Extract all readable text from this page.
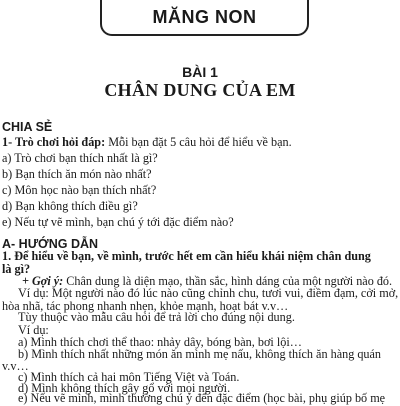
MĂNG NON
BÀI 1
CHÂN DUNG CỦA EM
CHIA SẺ
1- Trò chơi hỏi đáp: Mỗi bạn đặt 5 câu hỏi để hiểu về bạn.
a) Trò chơi bạn thích nhất là gì?
b) Bạn thích ăn món nào nhất?
c) Môn học nào bạn thích nhất?
d) Bạn không thích điều gì?
e) Nếu tự vẽ mình, bạn chú ý tới đặc điểm nào?
A- HƯỚNG DẪN
1. Để hiểu về bạn, về mình, trước hết em cần hiểu khái niệm chân dung
là gì?
+ Gợi ý: Chân dung là diện mạo, thần sắc, hình dáng của một người nào đó.
Ví dụ: Một người nào đó lúc nào cũng chỉnh chu, tươi vui, điềm đạm, cởi mở,
hòa nhã, tác phong nhanh nhẹn, khỏe mạnh, hoạt bát v.v…
Tùy thuộc vào mẫu câu hỏi để trả lời cho đúng nội dung.
Ví dụ:
a) Mình thích chơi thể thao: nhảy dây, bóng bàn, bơi lội…
b) Mình thích nhất những món ăn mình mẹ nấu, không thích ăn hàng quán
v.v…
c) Mình thích cả hai môn Tiếng Việt và Toán.
d) Mình không thích gây gổ với mọi người.
e) Nếu vẽ mình, mình thường chú ý đến đặc điểm (học bài, phụ giúp bố mẹ
